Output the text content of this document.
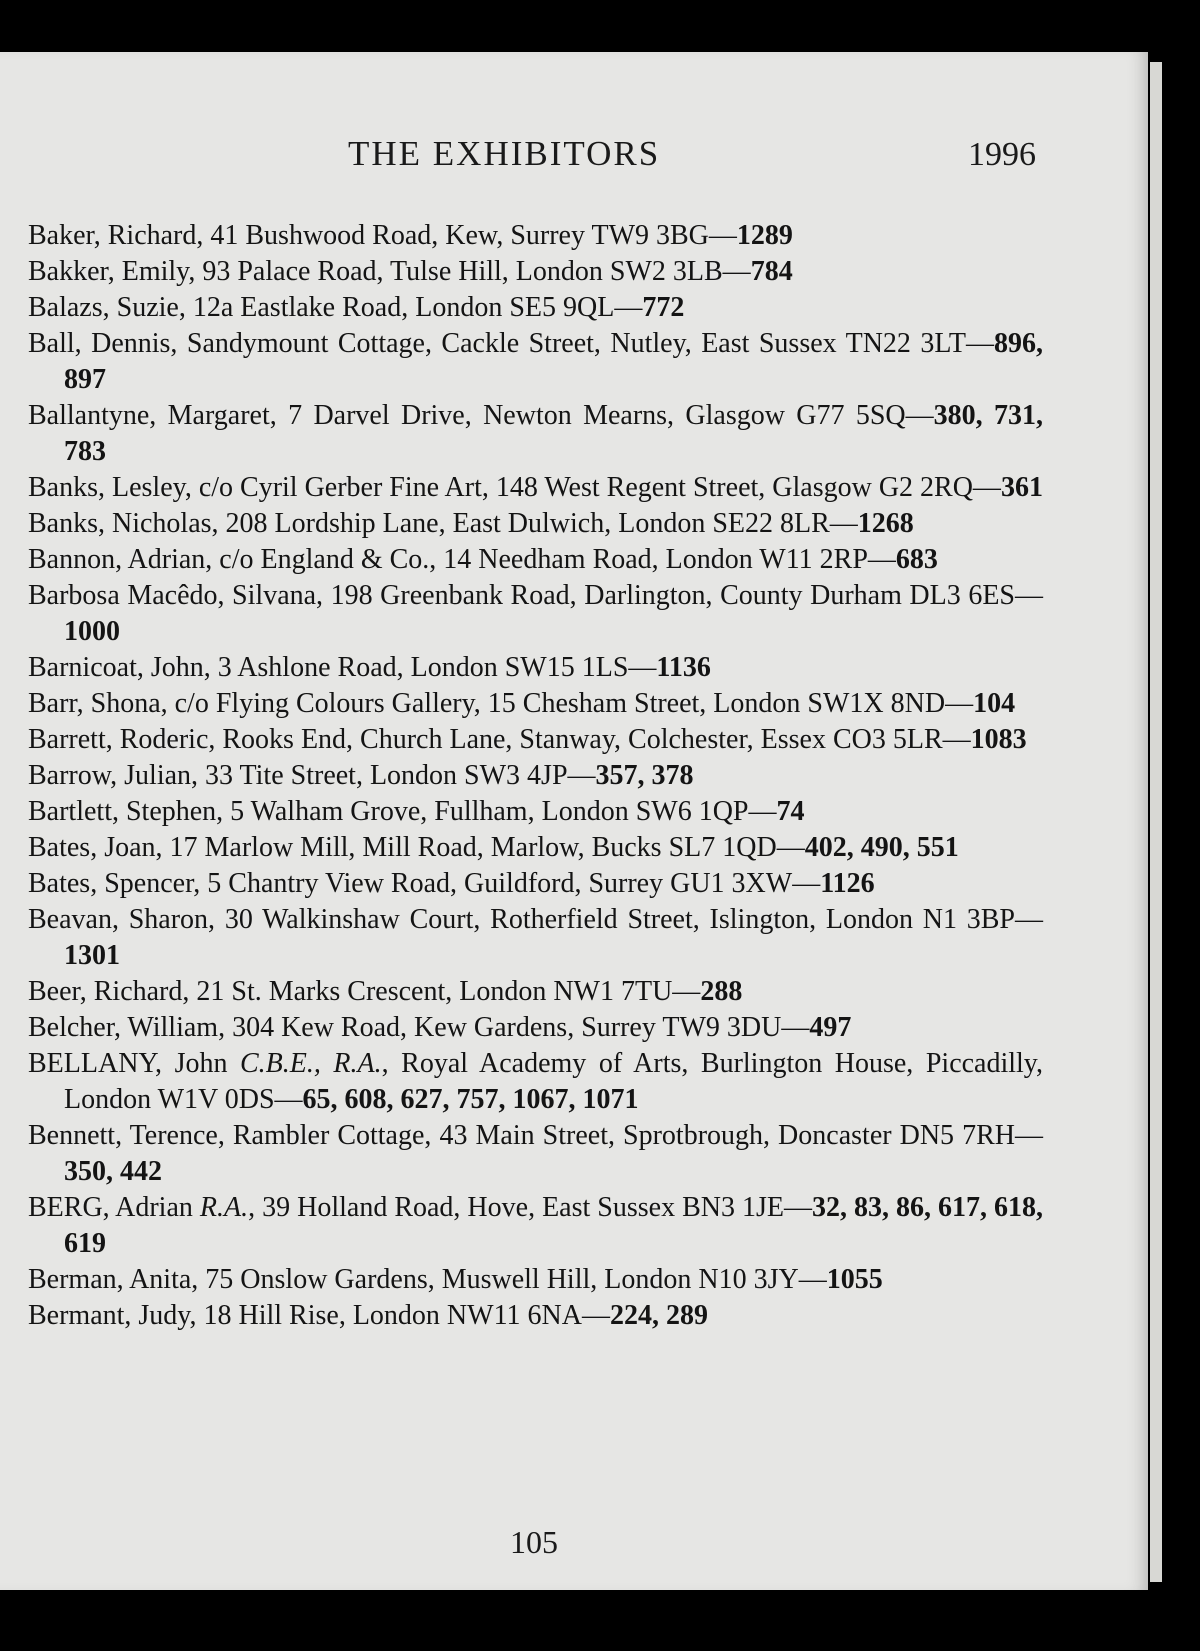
THE EXHIBITORS	1996
Baker, Richard, 41 Bushwood Road, Kew, Surrey TW9 3BG—1289
Bakker, Emily, 93 Palace Road, Tulse Hill, London SW2 3LB—784
Balazs, Suzie, 12a Eastlake Road, London SE5 9QL—772
Ball, Dennis, Sandymount Cottage, Cackle Street, Nutley, East Sussex TN22 3LT—896, 897
Ballantyne, Margaret, 7 Darvel Drive, Newton Mearns, Glasgow G77 5SQ—380, 731, 783
Banks, Lesley, c/o Cyril Gerber Fine Art, 148 West Regent Street, Glasgow G2 2RQ—361
Banks, Nicholas, 208 Lordship Lane, East Dulwich, London SE22 8LR—1268
Bannon, Adrian, c/o England & Co., 14 Needham Road, London W11 2RP—683
Barbosa Macêdo, Silvana, 198 Greenbank Road, Darlington, County Durham DL3 6ES—1000
Barnicoat, John, 3 Ashlone Road, London SW15 1LS—1136
Barr, Shona, c/o Flying Colours Gallery, 15 Chesham Street, London SW1X 8ND—104
Barrett, Roderic, Rooks End, Church Lane, Stanway, Colchester, Essex CO3 5LR—1083
Barrow, Julian, 33 Tite Street, London SW3 4JP—357, 378
Bartlett, Stephen, 5 Walham Grove, Fullham, London SW6 1QP—74
Bates, Joan, 17 Marlow Mill, Mill Road, Marlow, Bucks SL7 1QD—402, 490, 551
Bates, Spencer, 5 Chantry View Road, Guildford, Surrey GU1 3XW—1126
Beavan, Sharon, 30 Walkinshaw Court, Rotherfield Street, Islington, London N1 3BP—1301
Beer, Richard, 21 St. Marks Crescent, London NW1 7TU—288
Belcher, William, 304 Kew Road, Kew Gardens, Surrey TW9 3DU—497
BELLANY, John C.B.E., R.A., Royal Academy of Arts, Burlington House, Piccadilly, London W1V 0DS—65, 608, 627, 757, 1067, 1071
Bennett, Terence, Rambler Cottage, 43 Main Street, Sprotbrough, Doncaster DN5 7RH—350, 442
BERG, Adrian R.A., 39 Holland Road, Hove, East Sussex BN3 1JE—32, 83, 86, 617, 618, 619
Berman, Anita, 75 Onslow Gardens, Muswell Hill, London N10 3JY—1055
Bermant, Judy, 18 Hill Rise, London NW11 6NA—224, 289
105
